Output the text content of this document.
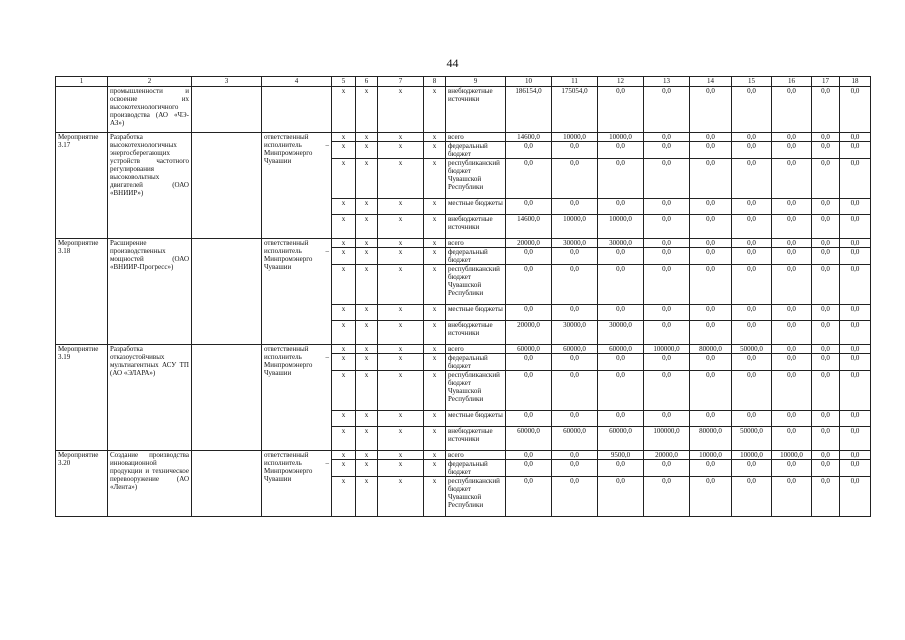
44
1	2	3	4	5	6	7	8	9	10	11	12	13	14	15	16	17	18
	промышленности и освоение их высокотехнологичного производства (АО «ЧЭ-АЗ»)			х	х	х	х	внебюджетные источники	186154,0	175054,0	0,0	0,0	0,0	0,0	0,0	0,0	0,0
Мероприятие 3.17	Разработка высокотехнологичных энергосберегающих устройств частотного регулирования высоковольтных двигателей (ОАО «ВНИИР»)		ответственный исполнитель – Минпромэнерго Чувашии	х	х	х	х	всего	14600,0	10000,0	10000,0	0,0	0,0	0,0	0,0	0,0	0,0
				х	х	х	х	федеральный бюджет	0,0	0,0	0,0	0,0	0,0	0,0	0,0	0,0	0,0
				х	х	х	х	республиканский бюджет Чувашской Республики	0,0	0,0	0,0	0,0	0,0	0,0	0,0	0,0	0,0
				х	х	х	х	местные бюджеты	0,0	0,0	0,0	0,0	0,0	0,0	0,0	0,0	0,0
				х	х	х	х	внебюджетные источники	14600,0	10000,0	10000,0	0,0	0,0	0,0	0,0	0,0	0,0
Мероприятие 3.18	Расширение производственных мощностей (ОАО «ВНИИР-Прогресс»)		ответственный исполнитель – Минпромэнерго Чувашии	х	х	х	х	всего	20000,0	30000,0	30000,0	0,0	0,0	0,0	0,0	0,0	0,0
				х	х	х	х	федеральный бюджет	0,0	0,0	0,0	0,0	0,0	0,0	0,0	0,0	0,0
				х	х	х	х	республиканский бюджет Чувашской Республики	0,0	0,0	0,0	0,0	0,0	0,0	0,0	0,0	0,0
				х	х	х	х	местные бюджеты	0,0	0,0	0,0	0,0	0,0	0,0	0,0	0,0	0,0
				х	х	х	х	внебюджетные источники	20000,0	30000,0	30000,0	0,0	0,0	0,0	0,0	0,0	0,0
Мероприятие 3.19	Разработка отказоустойчивых мультиагентных АСУ ТП (АО «ЭЛАРА»)		ответственный исполнитель – Минпромэнерго Чувашии	х	х	х	х	всего	60000,0	60000,0	60000,0	100000,0	80000,0	50000,0	0,0	0,0	0,0
				х	х	х	х	федеральный бюджет	0,0	0,0	0,0	0,0	0,0	0,0	0,0	0,0	0,0
				х	х	х	х	республиканский бюджет Чувашской Республики	0,0	0,0	0,0	0,0	0,0	0,0	0,0	0,0	0,0
				х	х	х	х	местные бюджеты	0,0	0,0	0,0	0,0	0,0	0,0	0,0	0,0	0,0
				х	х	х	х	внебюджетные источники	60000,0	60000,0	60000,0	100000,0	80000,0	50000,0	0,0	0,0	0,0
Мероприятие 3.20	Создание производства инновационной продукции и техническое перевооружение (АО «Лента»)		ответственный исполнитель – Минпромэнерго Чувашии	х	х	х	х	всего	0,0	0,0	9500,0	20000,0	10000,0	10000,0	10000,0	0,0	0,0
				х	х	х	х	федеральный бюджет	0,0	0,0	0,0	0,0	0,0	0,0	0,0	0,0	0,0
				х	х	х	х	республиканский бюджет Чувашской Республики	0,0	0,0	0,0	0,0	0,0	0,0	0,0	0,0	0,0
